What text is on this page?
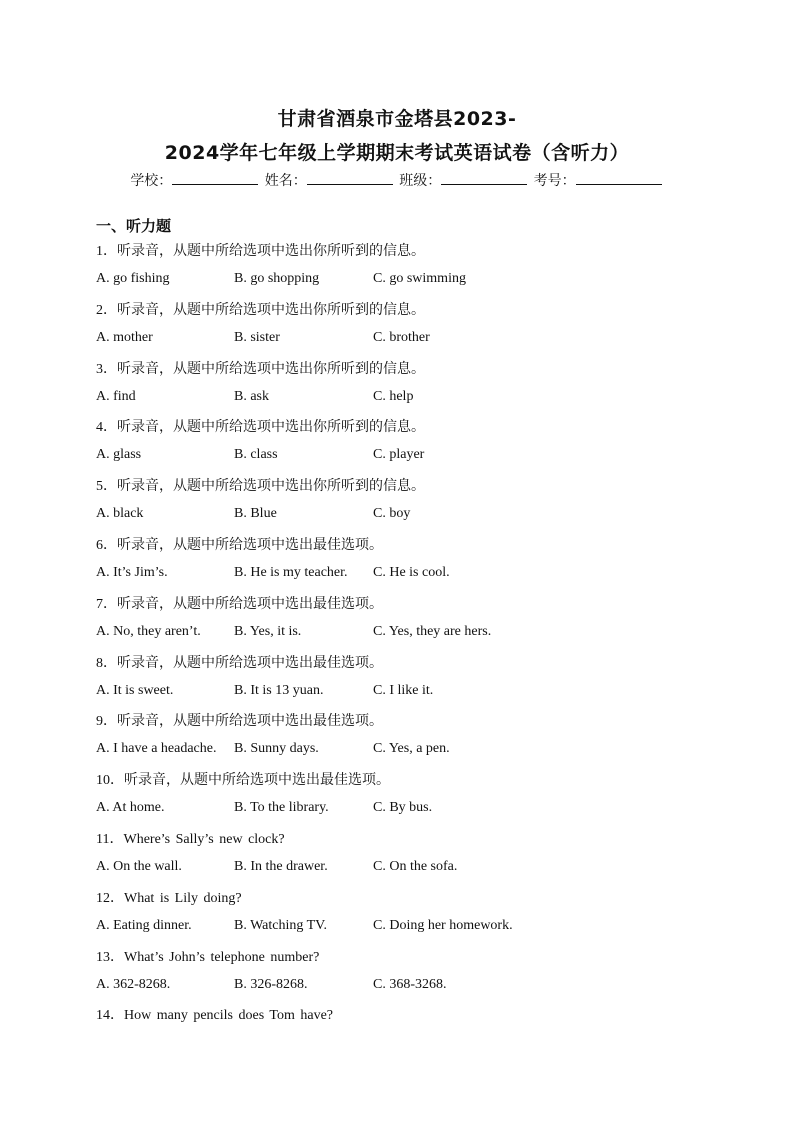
甘肃省酒泉市金塔县2023-
2024学年七年级上学期期末考试英语试卷（含听力）
学校：	姓名：	班级：	考号：
一、听力题
1．听录音，从题中所给选项中选出你所听到的信息。
A. go fishing	B. go shopping	C. go swimming
2．听录音，从题中所给选项中选出你所听到的信息。
A. mother	B. sister	C. brother
3．听录音，从题中所给选项中选出你所听到的信息。
A. find	B. ask	C. help
4．听录音，从题中所给选项中选出你所听到的信息。
A. glass	B. class	C. player
5．听录音，从题中所给选项中选出你所听到的信息。
A. black	B. Blue	C. boy
6．听录音，从题中所给选项中选出最佳选项。
A. It’s Jim’s.	B. He is my teacher. C. He is cool.
7．听录音，从题中所给选项中选出最佳选项。
A. No, they aren’t. B. Yes, it is.	C. Yes, they are hers.
8．听录音，从题中所给选项中选出最佳选项。
A. It is sweet.	B. It is 13 yuan.	C. I like it.
9．听录音，从题中所给选项中选出最佳选项。
A. I have a headache. B. Sunny days.	C. Yes, a pen.
10．听录音，从题中所给选项中选出最佳选项。
A. At home.	B. To the library.	C. By bus.
11．Where’s Sally’s new clock?
A. On the wall.	B. In the drawer.	C. On the sofa.
12．What is Lily doing?
A. Eating dinner.	B. Watching TV.	C. Doing her homework.
13．What’s John’s telephone number?
A. 362-8268.	B. 326-8268.	C. 368-3268.
14．How many pencils does Tom have?
